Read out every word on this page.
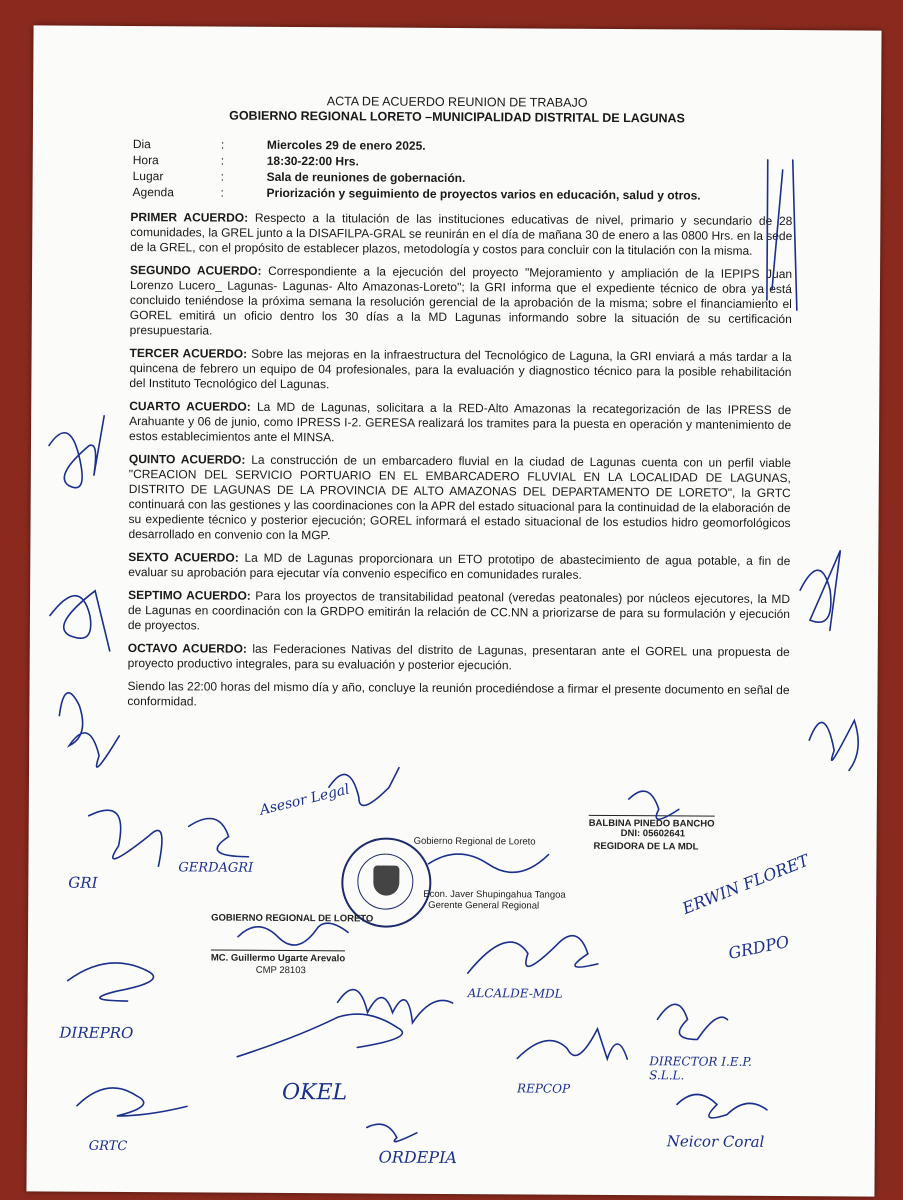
ACTA DE ACUERDO REUNION DE TRABAJO
GOBIERNO REGIONAL LORETO –MUNICIPALIDAD DISTRITAL DE LAGUNAS
Dia	:	Miercoles 29 de enero 2025.
Hora	:	18:30-22:00 Hrs.
Lugar	:	Sala de reuniones de gobernación.
Agenda	:	Priorización y seguimiento de proyectos varios en educación, salud y otros.

PRIMER ACUERDO: Respecto a la titulación de las instituciones educativas de nivel, primario y secundario de 28 comunidades, la GREL junto a la DISAFILPA-GRAL se reunirán en el día de mañana 30 de enero a las 0800 Hrs. en la sede de la GREL, con el propósito de establecer plazos, metodología y costos para concluir con la titulación con la misma.

SEGUNDO ACUERDO: Correspondiente a la ejecución del proyecto "Mejoramiento y ampliación de la IEPIPS Juan Lorenzo Lucero_ Lagunas- Lagunas- Alto Amazonas-Loreto"; la GRI informa que el expediente técnico de obra ya está concluido teniéndose la próxima semana la resolución gerencial de la aprobación de la misma; sobre el financiamiento el GOREL emitirá un oficio dentro los 30 días a la MD Lagunas informando sobre la situación de su certificación presupuestaria.

TERCER ACUERDO: Sobre las mejoras en la infraestructura del Tecnológico de Laguna, la GRI enviará a más tardar a la quincena de febrero un equipo de 04 profesionales, para la evaluación y diagnostico técnico para la posible rehabilitación del Instituto Tecnológico del Lagunas.

CUARTO ACUERDO: La MD de Lagunas, solicitara a la RED-Alto Amazonas la recategorización de las IPRESS de Arahuante y 06 de junio, como IPRESS I-2. GERESA realizará los tramites para la puesta en operación y mantenimiento de estos establecimientos ante el MINSA.

QUINTO ACUERDO: La construcción de un embarcadero fluvial en la ciudad de Lagunas cuenta con un perfil viable "CREACION DEL SERVICIO PORTUARIO EN EL EMBARCADERO FLUVIAL EN LA LOCALIDAD DE LAGUNAS, DISTRITO DE LAGUNAS DE LA PROVINCIA DE ALTO AMAZONAS DEL DEPARTAMENTO DE LORETO", la GRTC continuará con las gestiones y las coordinaciones con la APR del estado situacional para la continuidad de la elaboración de su expediente técnico y posterior ejecución; GOREL informará el estado situacional de los estudios hidro geomorfológicos desarrollado en convenio con la MGP.

SEXTO ACUERDO: La MD de Lagunas proporcionara un ETO prototipo de abastecimiento de agua potable, a fin de evaluar su aprobación para ejecutar vía convenio especifico en comunidades rurales.

SEPTIMO ACUERDO: Para los proyectos de transitabilidad peatonal (veredas peatonales) por núcleos ejecutores, la MD de Lagunas en coordinación con la GRDPO emitirán la relación de CC.NN a priorizarse de para su formulación y ejecución de proyectos.

OCTAVO ACUERDO: las Federaciones Nativas del distrito de Lagunas, presentaran ante el GOREL una propuesta de proyecto productivo integrales, para su evaluación y posterior ejecución.

Siendo las 22:00 horas del mismo día y año, concluye la reunión procediéndose a firmar el presente documento en señal de conformidad.

Gobierno Regional de Loreto
Econ. Javer Shupingahua Tangoa
Gerente General Regional
BALBINA PINEDO BANCHO
DNI: 05602641
REGIDORA DE LA MDL
GOBIERNO REGIONAL DE LORETO
MC. Guillermo Ugarte Arevalo
CMP 28103
GRI
GERDAGRI
Asesor Legal
ERWIN FLORET
GRDPO
DIREPRO
ALCALDE-MDL
OKEL	REPCOP
DIRECTOR I.E.P. S.L.L.
GRTC
ORDEPIA
Neicor Coral
